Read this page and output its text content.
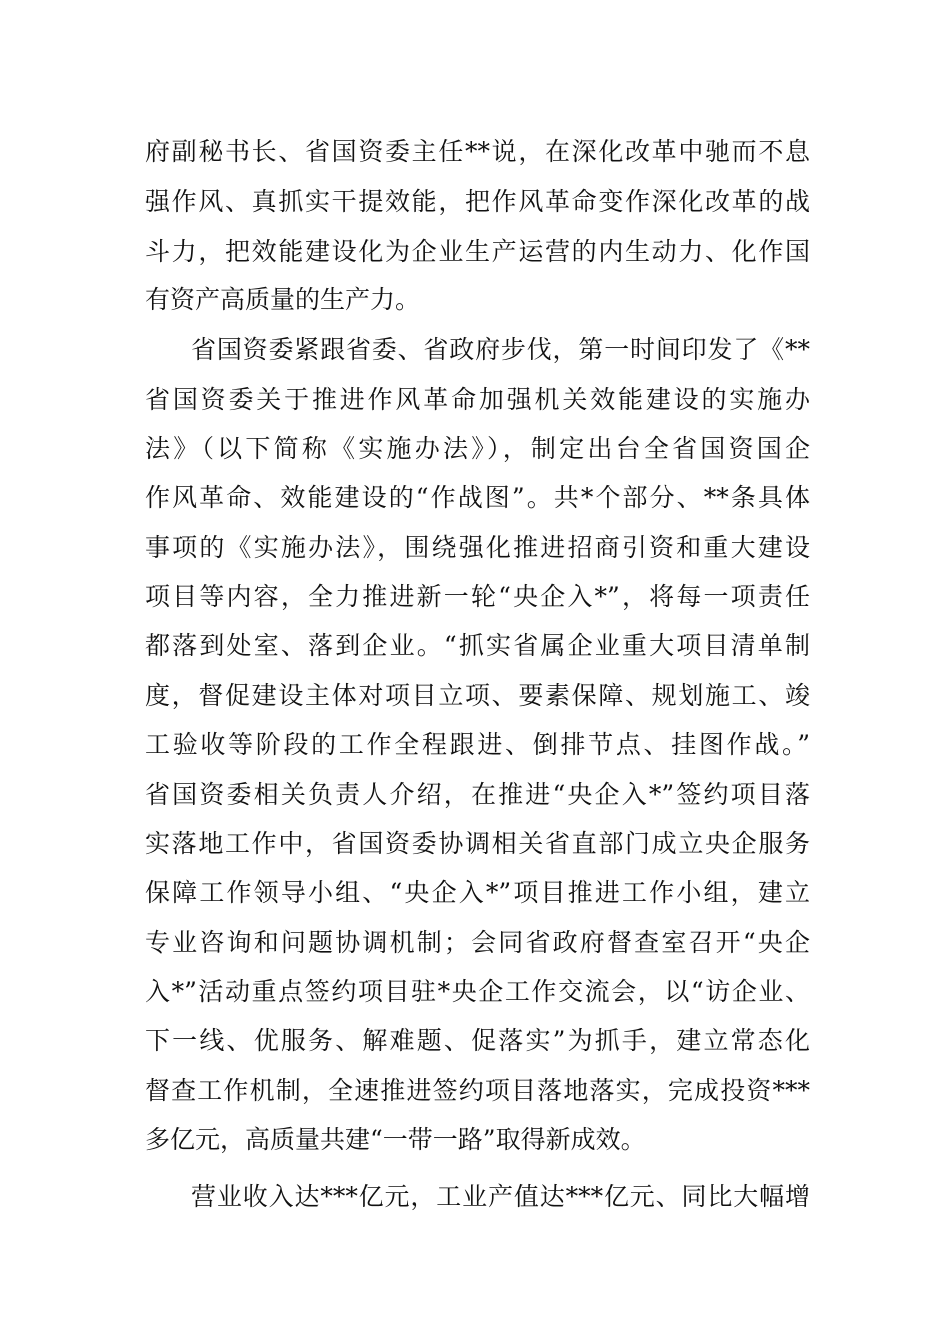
府副秘书长、省国资委主任**说，在深化改革中驰而不息
强作风、真抓实干提效能，把作风革命变作深化改革的战
斗力，把效能建设化为企业生产运营的内生动力、化作国
有资产高质量的生产力。
省国资委紧跟省委、省政府步伐，第一时间印发了《**
省国资委关于推进作风革命加强机关效能建设的实施办
法》（以下简称《实施办法》），制定出台全省国资国企
作风革命、效能建设的“作战图”。共*个部分、**条具体
事项的《实施办法》，围绕强化推进招商引资和重大建设
项目等内容，全力推进新一轮“央企入*”，将每一项责任
都落到处室、落到企业。“抓实省属企业重大项目清单制
度，督促建设主体对项目立项、要素保障、规划施工、竣
工验收等阶段的工作全程跟进、倒排节点、挂图作战。”
省国资委相关负责人介绍，在推进“央企入*”签约项目落
实落地工作中，省国资委协调相关省直部门成立央企服务
保障工作领导小组、“央企入*”项目推进工作小组，建立
专业咨询和问题协调机制；会同省政府督查室召开“央企
入*”活动重点签约项目驻*央企工作交流会，以“访企业、
下一线、优服务、解难题、促落实”为抓手，建立常态化
督查工作机制，全速推进签约项目落地落实，完成投资***
多亿元，高质量共建“一带一路”取得新成效。
营业收入达***亿元，工业产值达***亿元、同比大幅增
